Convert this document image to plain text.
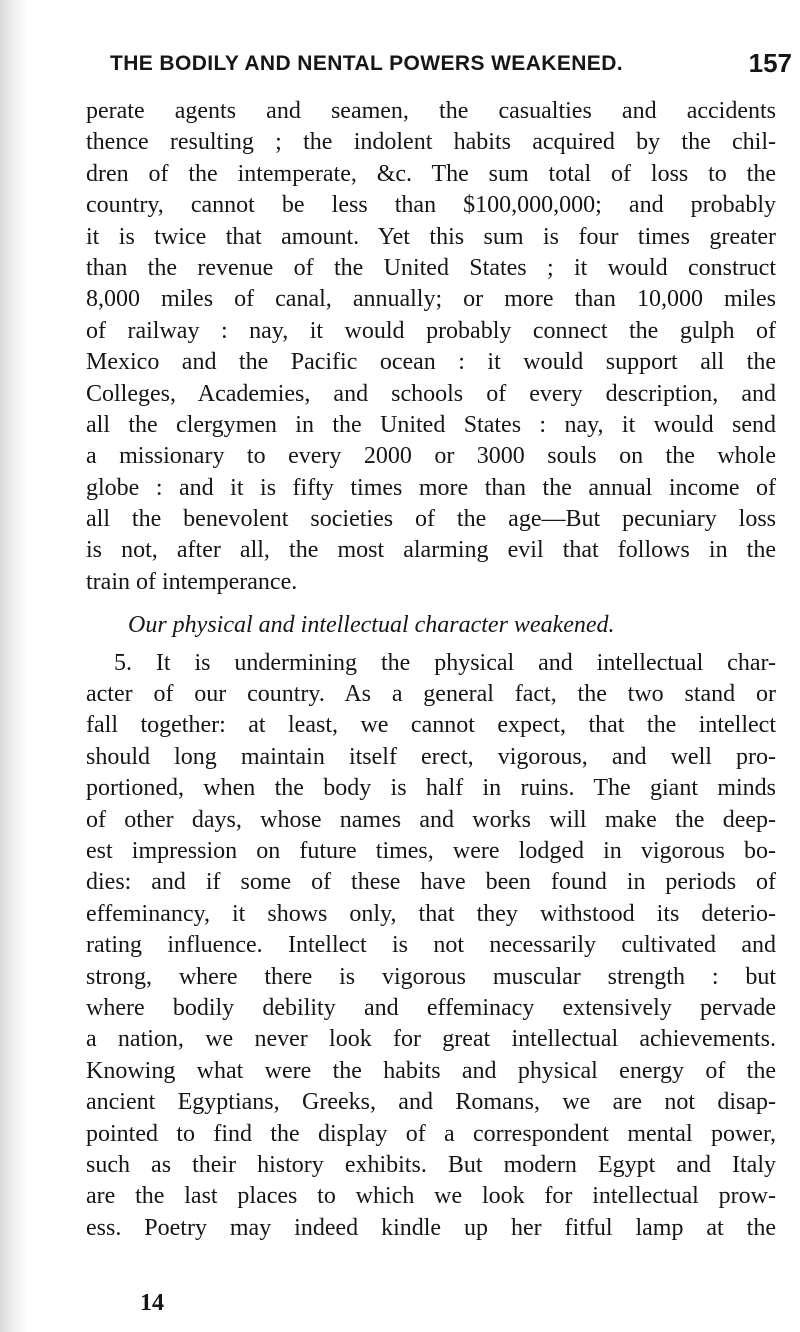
THE BODILY AND NENTAL POWERS WEAKENED.	157
perate agents and seamen, the casualties and accidents
thence resulting ; the indolent habits acquired by the chil-
dren of the intemperate, &c. The sum total of loss to the
country, cannot be less than $100,000,000; and probably
it is twice that amount. Yet this sum is four times greater
than the revenue of the United States ; it would construct
8,000 miles of canal, annually; or more than 10,000 miles
of railway : nay, it would probably connect the gulph of
Mexico and the Pacific ocean : it would support all the
Colleges, Academies, and schools of every description, and
all the clergymen in the United States : nay, it would send
a missionary to every 2000 or 3000 souls on the whole
globe : and it is fifty times more than the annual income of
all the benevolent societies of the age—But pecuniary loss
is not, after all, the most alarming evil that follows in the
train of intemperance.
Our physical and intellectual character weakened.
5. It is undermining the physical and intellectual char-
acter of our country. As a general fact, the two stand or
fall together: at least, we cannot expect, that the intellect
should long maintain itself erect, vigorous, and well pro-
portioned, when the body is half in ruins. The giant minds
of other days, whose names and works will make the deep-
est impression on future times, were lodged in vigorous bo-
dies: and if some of these have been found in periods of
effeminancy, it shows only, that they withstood its deterio-
rating influence. Intellect is not necessarily cultivated and
strong, where there is vigorous muscular strength : but
where bodily debility and effeminacy extensively pervade
a nation, we never look for great intellectual achievements.
Knowing what were the habits and physical energy of the
ancient Egyptians, Greeks, and Romans, we are not disap-
pointed to find the display of a correspondent mental power,
such as their history exhibits. But modern Egypt and Italy
are the last places to which we look for intellectual prow-
ess. Poetry may indeed kindle up her fitful lamp at the
14
